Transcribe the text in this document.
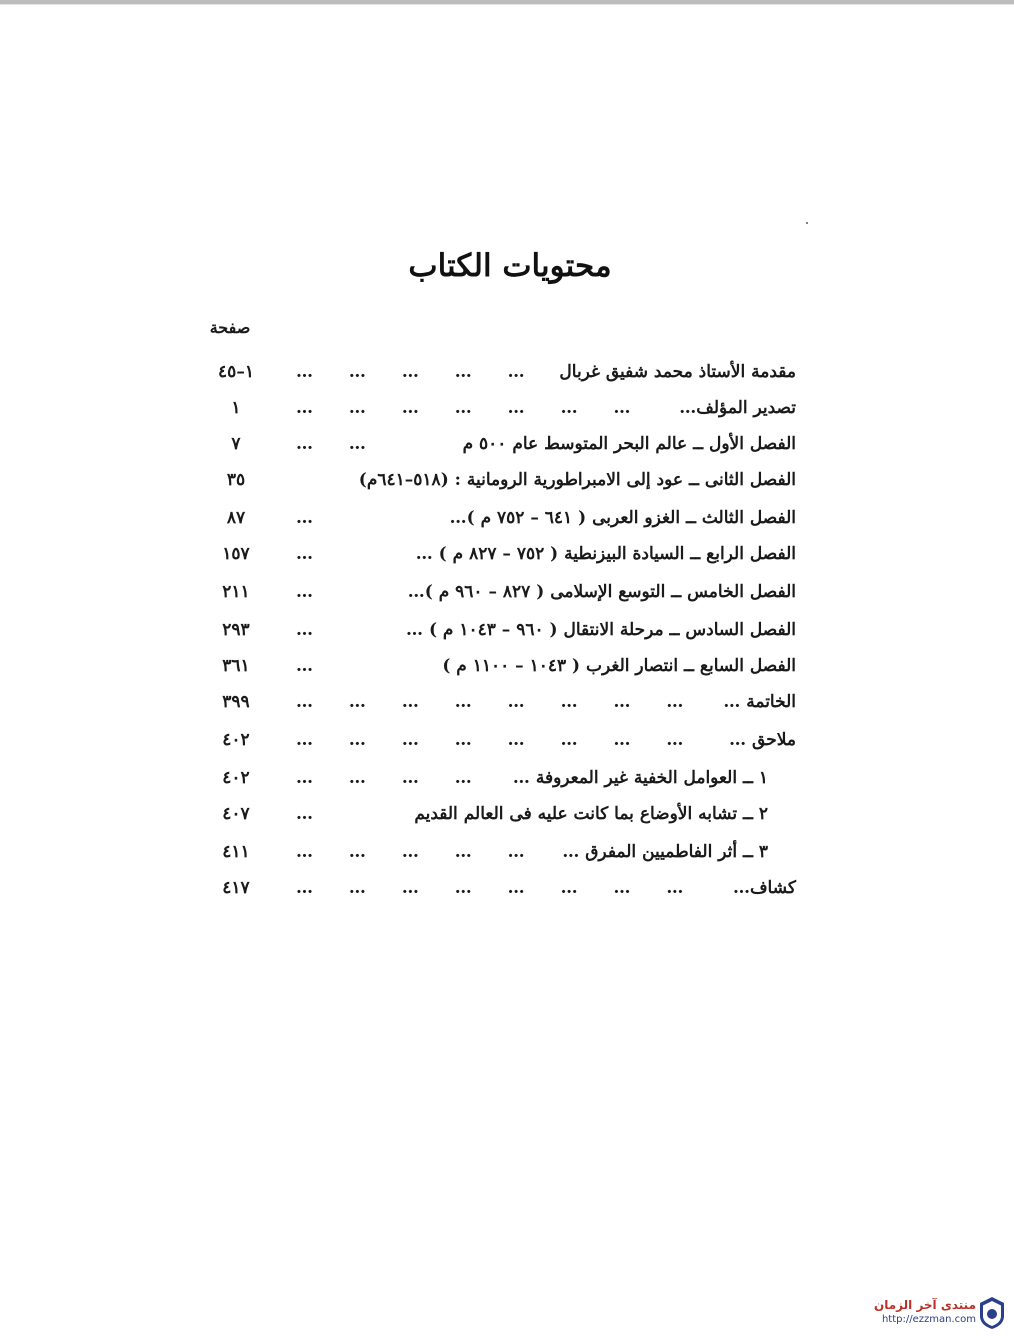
محتويات الكتاب
صفحة
١–٤٥	… … … … … مقدمة الأستاذ محمد شفيق غربال
١	… … … … … … …	تصدير المؤلف…
٧	… …	الفصل الأول ــ عالم البحر المتوسط عام ٥٠٠ م
٣٥	الفصل الثانى ــ عود إلى الامبراطورية الرومانية : (٥١٨–٦٤١م)
٨٧	…	الفصل الثالث ــ الغزو العربى ( ٦٤١ – ٧٥٢ م )…
١٥٧	…	الفصل الرابع ــ السيادة البيزنطية ( ٧٥٢ – ٨٢٧ م ) …
٢١١	…	الفصل الخامس ــ التوسع الإسلامى ( ٨٢٧ – ٩٦٠ م )…
٢٩٣	…	الفصل السادس ــ مرحلة الانتقال ( ٩٦٠ – ١٠٤٣ م ) …
٣٦١	…	الفصل السابع ــ انتصار الغرب ( ١٠٤٣ – ١١٠٠ م )
٣٩٩	… … … … … … … … الخاتمة …
٤٠٢	… … … … … … … …	ملاحق …
٤٠٢	… … … … ١ ــ العوامل الخفية غير المعروفة …
٤٠٧	…	٢ ــ تشابه الأوضاع بما كانت عليه فى العالم القديم
٤١١	… … … … … ٣ ــ أثر الفاطميين المفرق …
٤١٧	… … … … … … … …	كشاف…
منتدى آخر الزمان
http://ezzman.com
